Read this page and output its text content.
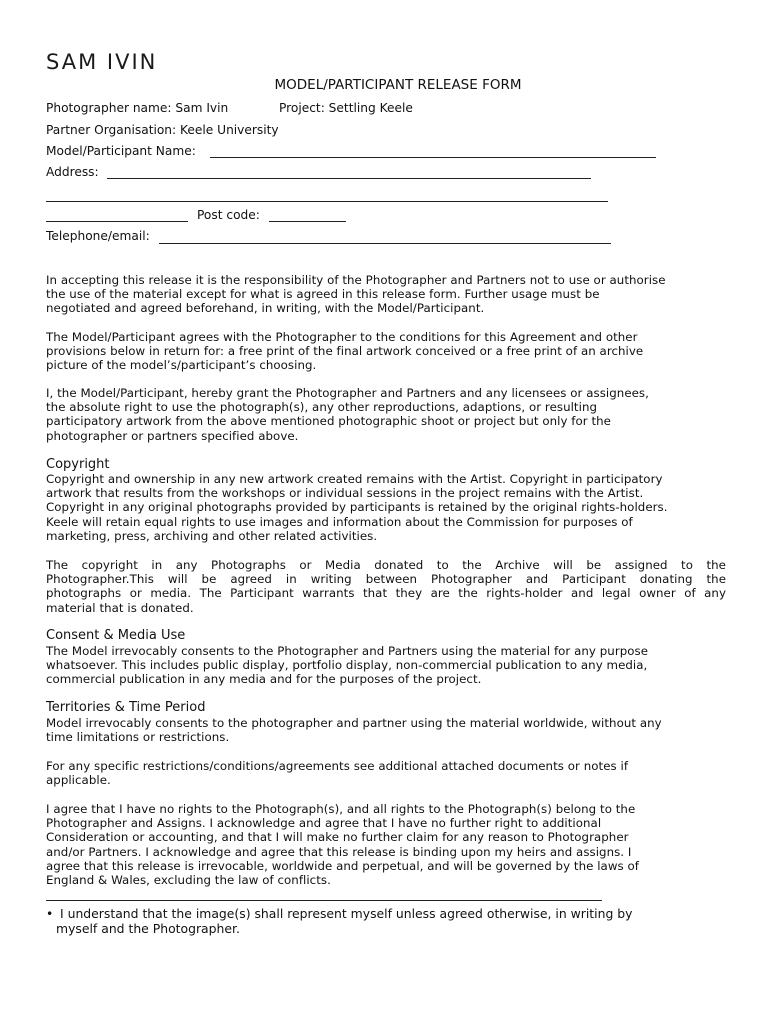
SAM IVIN
MODEL/PARTICIPANT RELEASE FORM
Photographer name: Sam Ivin	Project: Settling Keele
Partner Organisation: Keele University
Model/Participant Name:
Address:
Post code:
Telephone/email:
In accepting this release it is the responsibility of the Photographer and Partners not to use or authorise
the use of the material except for what is agreed in this release form. Further usage must be
negotiated and agreed beforehand, in writing, with the Model/Participant.
The Model/Participant agrees with the Photographer to the conditions for this Agreement and other
provisions below in return for: a free print of the final artwork conceived or a free print of an archive
picture of the model’s/participant’s choosing.
I, the Model/Participant, hereby grant the Photographer and Partners and any licensees or assignees,
the absolute right to use the photograph(s), any other reproductions, adaptions, or resulting
participatory artwork from the above mentioned photographic shoot or project but only for the
photographer or partners specified above.
Copyright
Copyright and ownership in any new artwork created remains with the Artist. Copyright in participatory
artwork that results from the workshops or individual sessions in the project remains with the Artist.
Copyright in any original photographs provided by participants is retained by the original rights-holders.
Keele will retain equal rights to use images and information about the Commission for purposes of
marketing, press, archiving and other related activities.
The copyright in any Photographs or Media donated to the Archive will be assigned to the
Photographer.This will be agreed in writing between Photographer and Participant donating the
photographs or media. The Participant warrants that they are the rights-holder and legal owner of any
material that is donated.
Consent & Media Use
The Model irrevocably consents to the Photographer and Partners using the material for any purpose
whatsoever. This includes public display, portfolio display, non-commercial publication to any media,
commercial publication in any media and for the purposes of the project.
Territories & Time Period
Model irrevocably consents to the photographer and partner using the material worldwide, without any
time limitations or restrictions.
For any specific restrictions/conditions/agreements see additional attached documents or notes if
applicable.
I agree that I have no rights to the Photograph(s), and all rights to the Photograph(s) belong to the
Photographer and Assigns. I acknowledge and agree that I have no further right to additional
Consideration or accounting, and that I will make no further claim for any reason to Photographer
and/or Partners. I acknowledge and agree that this release is binding upon my heirs and assigns. I
agree that this release is irrevocable, worldwide and perpetual, and will be governed by the laws of
England & Wales, excluding the law of conflicts.
• I understand that the image(s) shall represent myself unless agreed otherwise, in writing by
myself and the Photographer.
